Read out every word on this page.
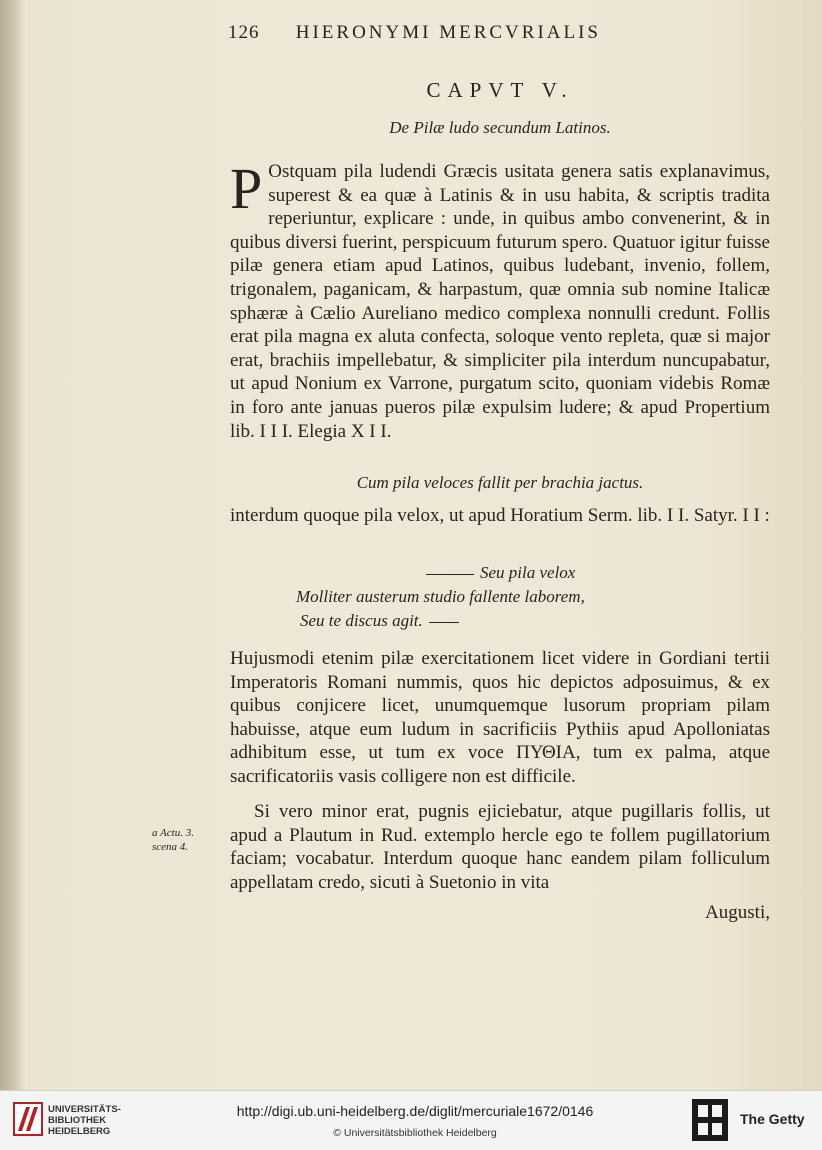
126 HIERONYMI MERCVRIALIS
CAPVT V.
De Pilæ ludo secundum Latinos.
P Ostquam pila ludendi Græcis usitata genera satis explanavimus, superest & ea quæ à Latinis & in usu habita, & scriptis tradita reperiuntur, explicare : unde, in quibus ambo convenerint, & in quibus diversi fuerint, perspicuum futurum spero. Quatuor igitur fuisse pilæ genera etiam apud Latinos, quibus ludebant, invenio, follem, trigonalem, paganicam, & harpastum, quæ omnia sub nomine Italicæ sphæræ à Cælio Aureliano medico complexa nonnulli credunt. Follis erat pila magna ex aluta confecta, soloque vento repleta, quæ si major erat, brachiis impellebatur, & simpliciter pila interdum nuncupabatur, ut apud Nonium ex Varrone, purgatum scito, quoniam videbis Romæ in foro ante januas pueros pilæ expulsim ludere; & apud Propertium lib. I I I. Elegia X I I.
Cum pila veloces fallit per brachia jactus.
interdum quoque pila velox, ut apud Horatium Serm. lib. I I. Satyr. I I :
Seu pila velox
Molliter austerum studio fallente laborem,
Seu te discus agit.
Hujusmodi etenim pilæ exercitationem licet videre in Gordiani tertii Imperatoris Romani nummis, quos hic depictos adposuimus, & ex quibus conjicere licet, unumquemque lusorum propriam pilam habuisse, atque eum ludum in sacrificiis Pythiis apud Apolloniatas adhibitum esse, ut tum ex voce ΠΥΘΙΑ, tum ex palma, atque sacrificatoriis vasis colligere non est difficile.
a Actu. 3. scena 4.
Si vero minor erat, pugnis ejiciebatur, atque pugillaris follis, ut apud a Plautum in Rud. extemplo hercle ego te follem pugillatorium faciam; vocabatur. Interdum quoque hanc eandem pilam folliculum appellatam credo, sicuti à Suetonio in vita
Augusti,
UNIVERSITÄTS-
BIBLIOTHEK
HEIDELBERG
http://digi.ub.uni-heidelberg.de/diglit/mercuriale1672/0146
© Universitätsbibliothek Heidelberg
The Getty
